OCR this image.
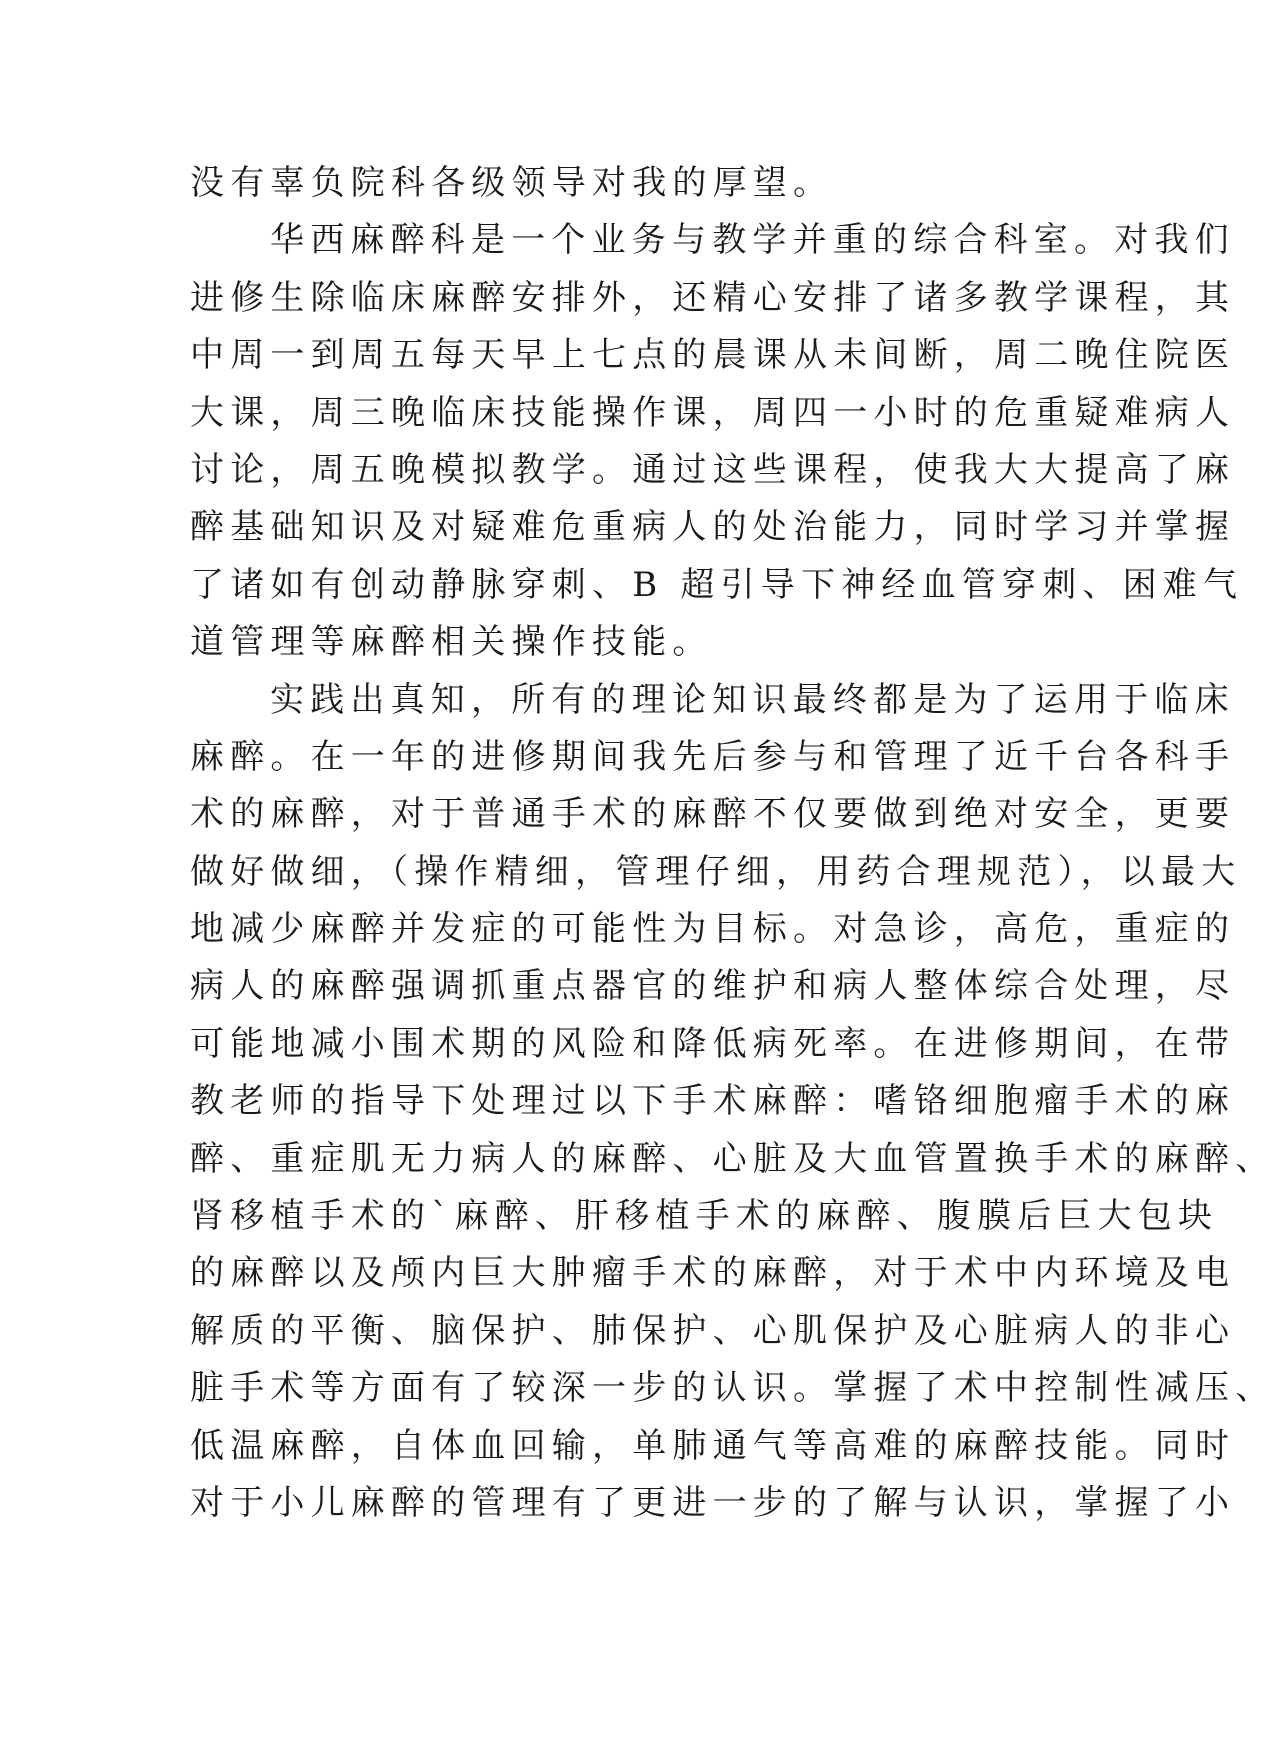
没有辜负院科各级领导对我的厚望。
华西麻醉科是一个业务与教学并重的综合科室。对我们
进修生除临床麻醉安排外，还精心安排了诸多教学课程，其
中周一到周五每天早上七点的晨课从未间断，周二晚住院医
大课，周三晚临床技能操作课，周四一小时的危重疑难病人
讨论，周五晚模拟教学。通过这些课程，使我大大提高了麻
醉基础知识及对疑难危重病人的处治能力，同时学习并掌握
了诸如有创动静脉穿刺、B 超引导下神经血管穿刺、困难气
道管理等麻醉相关操作技能。
实践出真知，所有的理论知识最终都是为了运用于临床
麻醉。在一年的进修期间我先后参与和管理了近千台各科手
术的麻醉，对于普通手术的麻醉不仅要做到绝对安全，更要
做好做细，（操作精细，管理仔细，用药合理规范），以最大
地减少麻醉并发症的可能性为目标。对急诊，高危，重症的
病人的麻醉强调抓重点器官的维护和病人整体综合处理，尽
可能地减小围术期的风险和降低病死率。在进修期间，在带
教老师的指导下处理过以下手术麻醉：嗜铬细胞瘤手术的麻
醉、重症肌无力病人的麻醉、心脏及大血管置换手术的麻醉、
肾移植手术的`麻醉、肝移植手术的麻醉、腹膜后巨大包块
的麻醉以及颅内巨大肿瘤手术的麻醉，对于术中内环境及电
解质的平衡、脑保护、肺保护、心肌保护及心脏病人的非心
脏手术等方面有了较深一步的认识。掌握了术中控制性减压、
低温麻醉，自体血回输，单肺通气等高难的麻醉技能。同时
对于小儿麻醉的管理有了更进一步的了解与认识，掌握了小
